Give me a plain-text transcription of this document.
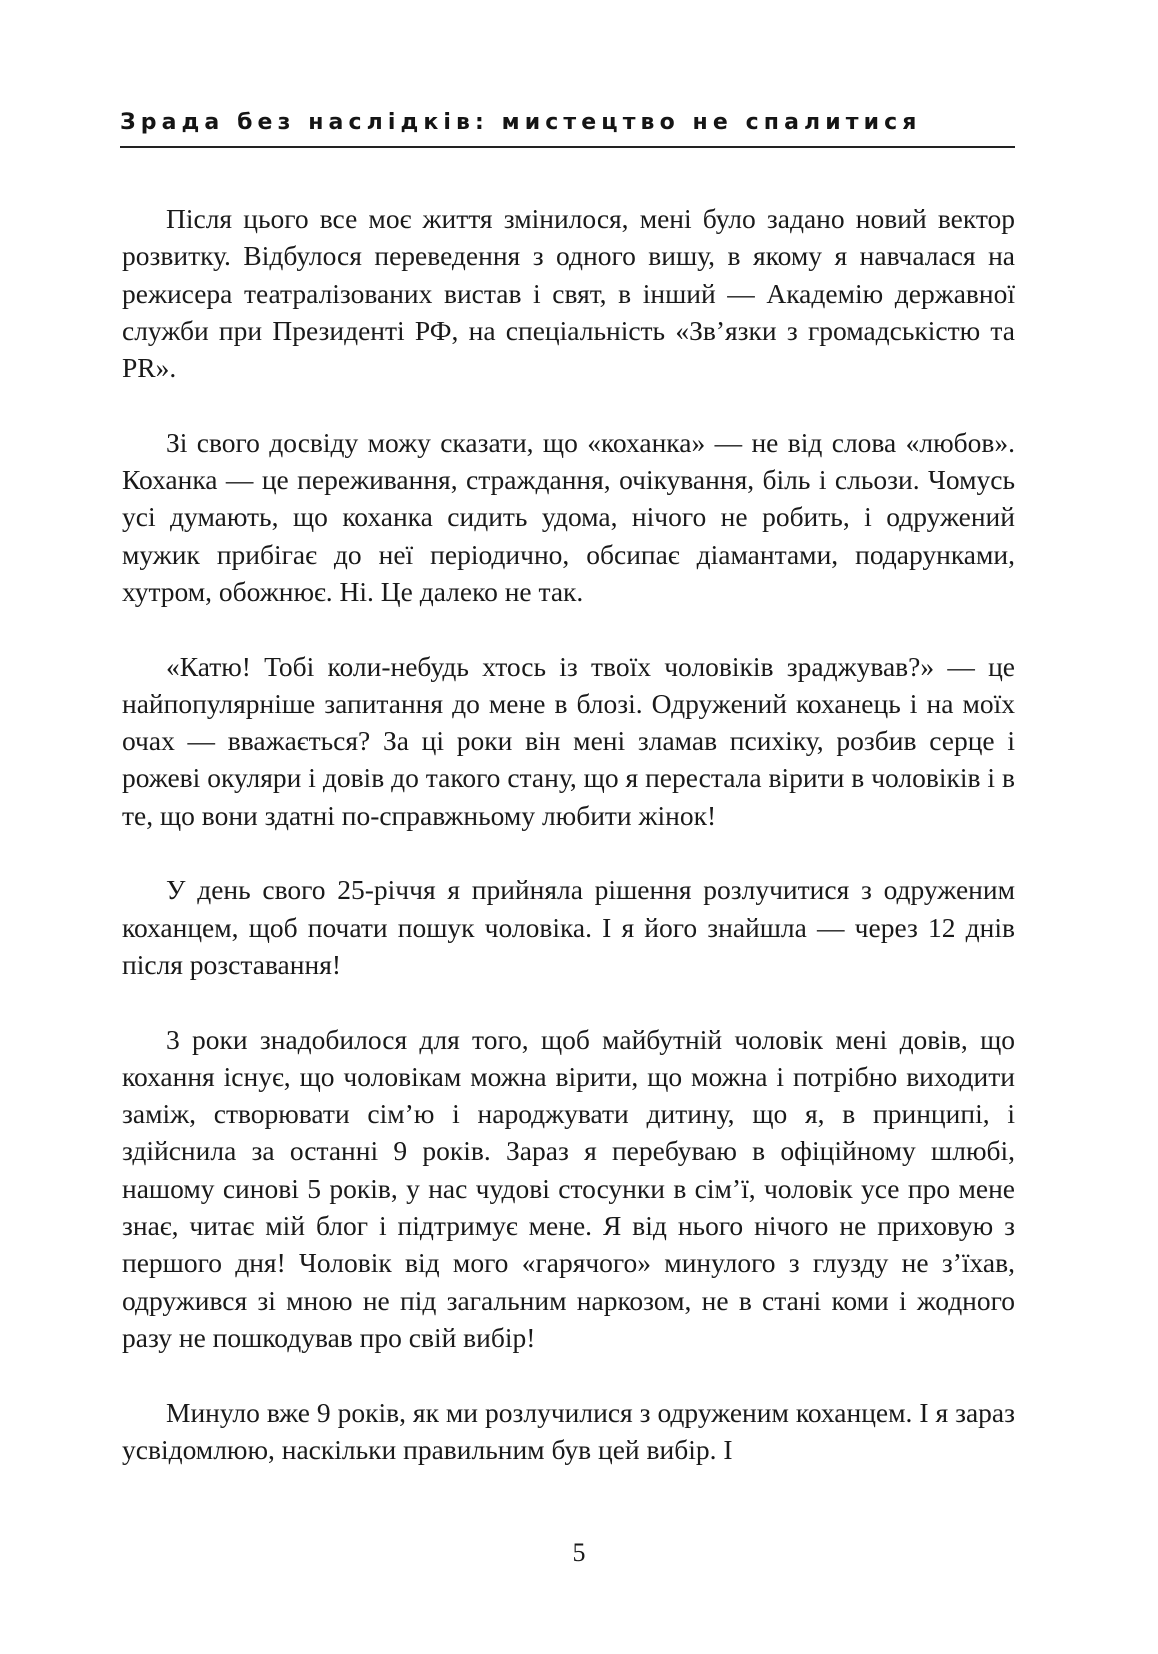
Зрада без наслідків: мистецтво не спалитися

Після цього все моє життя змінилося, мені було задано новий вектор розвитку. Відбулося переведення з одного вишу, в якому я навчалася на режисера театралізованих вистав і свят, в інший — Академію державної служби при Президенті РФ, на спеціальність «Зв’язки з громадськістю та PR».

Зі свого досвіду можу сказати, що «коханка» — не від слова «любов». Коханка — це переживання, страждання, очікування, біль і сльози. Чомусь усі думають, що коханка сидить удома, нічого не робить, і одружений мужик прибігає до неї періодично, обсипає діамантами, подарунками, хутром, обожнює. Ні. Це далеко не так.

«Катю! Тобі коли-небудь хтось із твоїх чоловіків зраджував?» — це найпопулярніше запитання до мене в блозі. Одружений коханець і на моїх очах — вважається? За ці роки він мені зламав психіку, розбив серце і рожеві окуляри і довів до такого стану, що я перестала вірити в чоловіків і в те, що вони здатні по-справжньому любити жінок!

У день свого 25-річчя я прийняла рішення розлучитися з одруженим коханцем, щоб почати пошук чоловіка. І я його знайшла — через 12 днів після розставання!

3 роки знадобилося для того, щоб майбутній чоловік мені довів, що кохання існує, що чоловікам можна вірити, що можна і потрібно виходити заміж, створювати сім’ю і народжувати дитину, що я, в принципі, і здійснила за останні 9 років. Зараз я перебуваю в офіційному шлюбі, нашому синові 5 років, у нас чудові стосунки в сім’ї, чоловік усе про мене знає, читає мій блог і підтримує мене. Я від нього нічого не приховую з першого дня! Чоловік від мого «гарячого» минулого з глузду не з’їхав, одружився зі мною не під загальним наркозом, не в стані коми і жодного разу не пошкодував про свій вибір!

Минуло вже 9 років, як ми розлучилися з одруженим коханцем. І я зараз усвідомлюю, наскільки правильним був цей вибір. І

5
